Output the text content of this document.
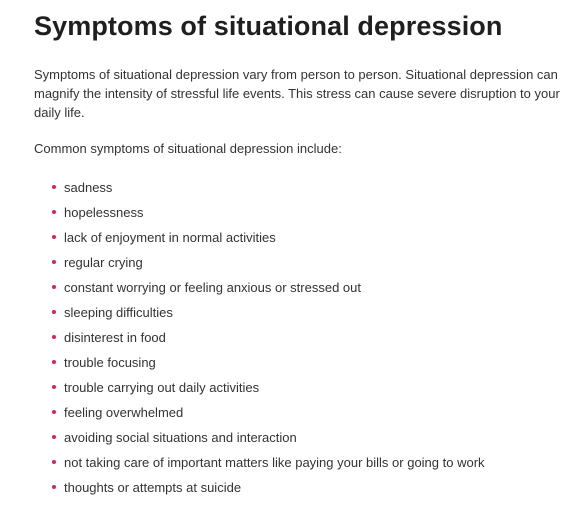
Symptoms of situational depression

Symptoms of situational depression vary from person to person. Situational depression can magnify the intensity of stressful life events. This stress can cause severe disruption to your daily life.

Common symptoms of situational depression include:

sadness
hopelessness
lack of enjoyment in normal activities
regular crying
constant worrying or feeling anxious or stressed out
sleeping difficulties
disinterest in food
trouble focusing
trouble carrying out daily activities
feeling overwhelmed
avoiding social situations and interaction
not taking care of important matters like paying your bills or going to work
thoughts or attempts at suicide
